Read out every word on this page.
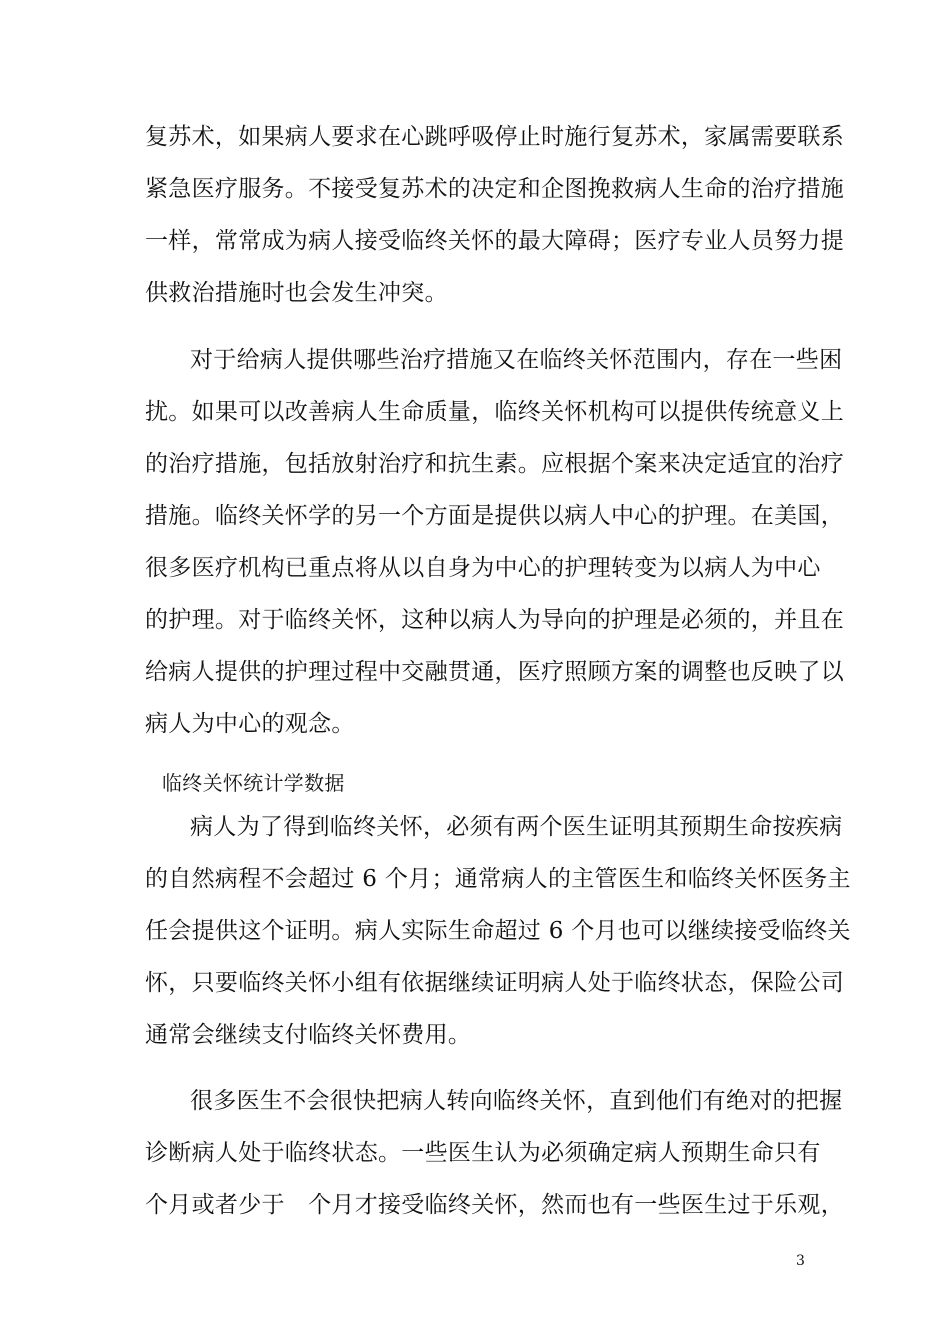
复苏术，如果病人要求在心跳呼吸停止时施行复苏术，家属需要联系
紧急医疗服务。不接受复苏术的决定和企图挽救病人生命的治疗措施
一样，常常成为病人接受临终关怀的最大障碍；医疗专业人员努力提
供救治措施时也会发生冲突。
对于给病人提供哪些治疗措施又在临终关怀范围内，存在一些困
扰。如果可以改善病人生命质量，临终关怀机构可以提供传统意义上
的治疗措施，包括放射治疗和抗生素。应根据个案来决定适宜的治疗
措施。临终关怀学的另一个方面是提供以病人中心的护理。在美国，
很多医疗机构已重点将从以自身为中心的护理转变为以病人为中心
的护理。对于临终关怀，这种以病人为导向的护理是必须的，并且在
给病人提供的护理过程中交融贯通，医疗照顾方案的调整也反映了以
病人为中心的观念。
临终关怀统计学数据
病人为了得到临终关怀，必须有两个医生证明其预期生命按疾病
的自然病程不会超过 6 个月；通常病人的主管医生和临终关怀医务主
任会提供这个证明。病人实际生命超过 6 个月也可以继续接受临终关
怀，只要临终关怀小组有依据继续证明病人处于临终状态，保险公司
通常会继续支付临终关怀费用。
很多医生不会很快把病人转向临终关怀，直到他们有绝对的把握
诊断病人处于临终状态。一些医生认为必须确定病人预期生命只有
个月或者少于　个月才接受临终关怀，然而也有一些医生过于乐观，
3
